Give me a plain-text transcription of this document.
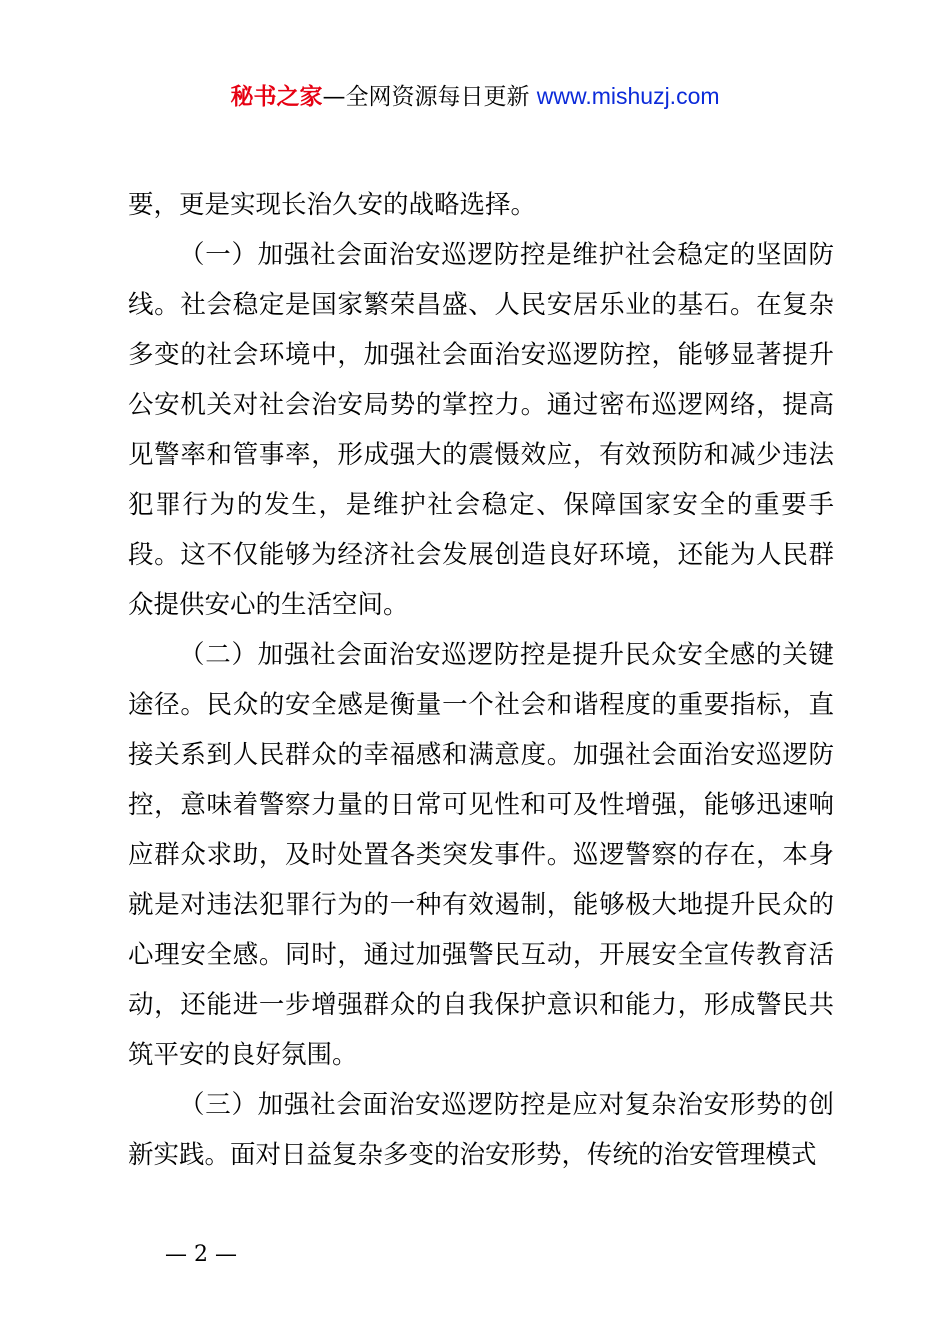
秘书之家—全网资源每日更新 www.mishuzj.com

要，更是实现长治久安的战略选择。

（一）加强社会面治安巡逻防控是维护社会稳定的坚固防线。社会稳定是国家繁荣昌盛、人民安居乐业的基石。在复杂多变的社会环境中，加强社会面治安巡逻防控，能够显著提升公安机关对社会治安局势的掌控力。通过密布巡逻网络，提高见警率和管事率，形成强大的震慑效应，有效预防和减少违法犯罪行为的发生，是维护社会稳定、保障国家安全的重要手段。这不仅能够为经济社会发展创造良好环境，还能为人民群众提供安心的生活空间。

（二）加强社会面治安巡逻防控是提升民众安全感的关键途径。民众的安全感是衡量一个社会和谐程度的重要指标，直接关系到人民群众的幸福感和满意度。加强社会面治安巡逻防控，意味着警察力量的日常可见性和可及性增强，能够迅速响应群众求助，及时处置各类突发事件。巡逻警察的存在，本身就是对违法犯罪行为的一种有效遏制，能够极大地提升民众的心理安全感。同时，通过加强警民互动，开展安全宣传教育活动，还能进一步增强群众的自我保护意识和能力，形成警民共筑平安的良好氛围。

（三）加强社会面治安巡逻防控是应对复杂治安形势的创新实践。面对日益复杂多变的治安形势，传统的治安管理模式

— 2 —
